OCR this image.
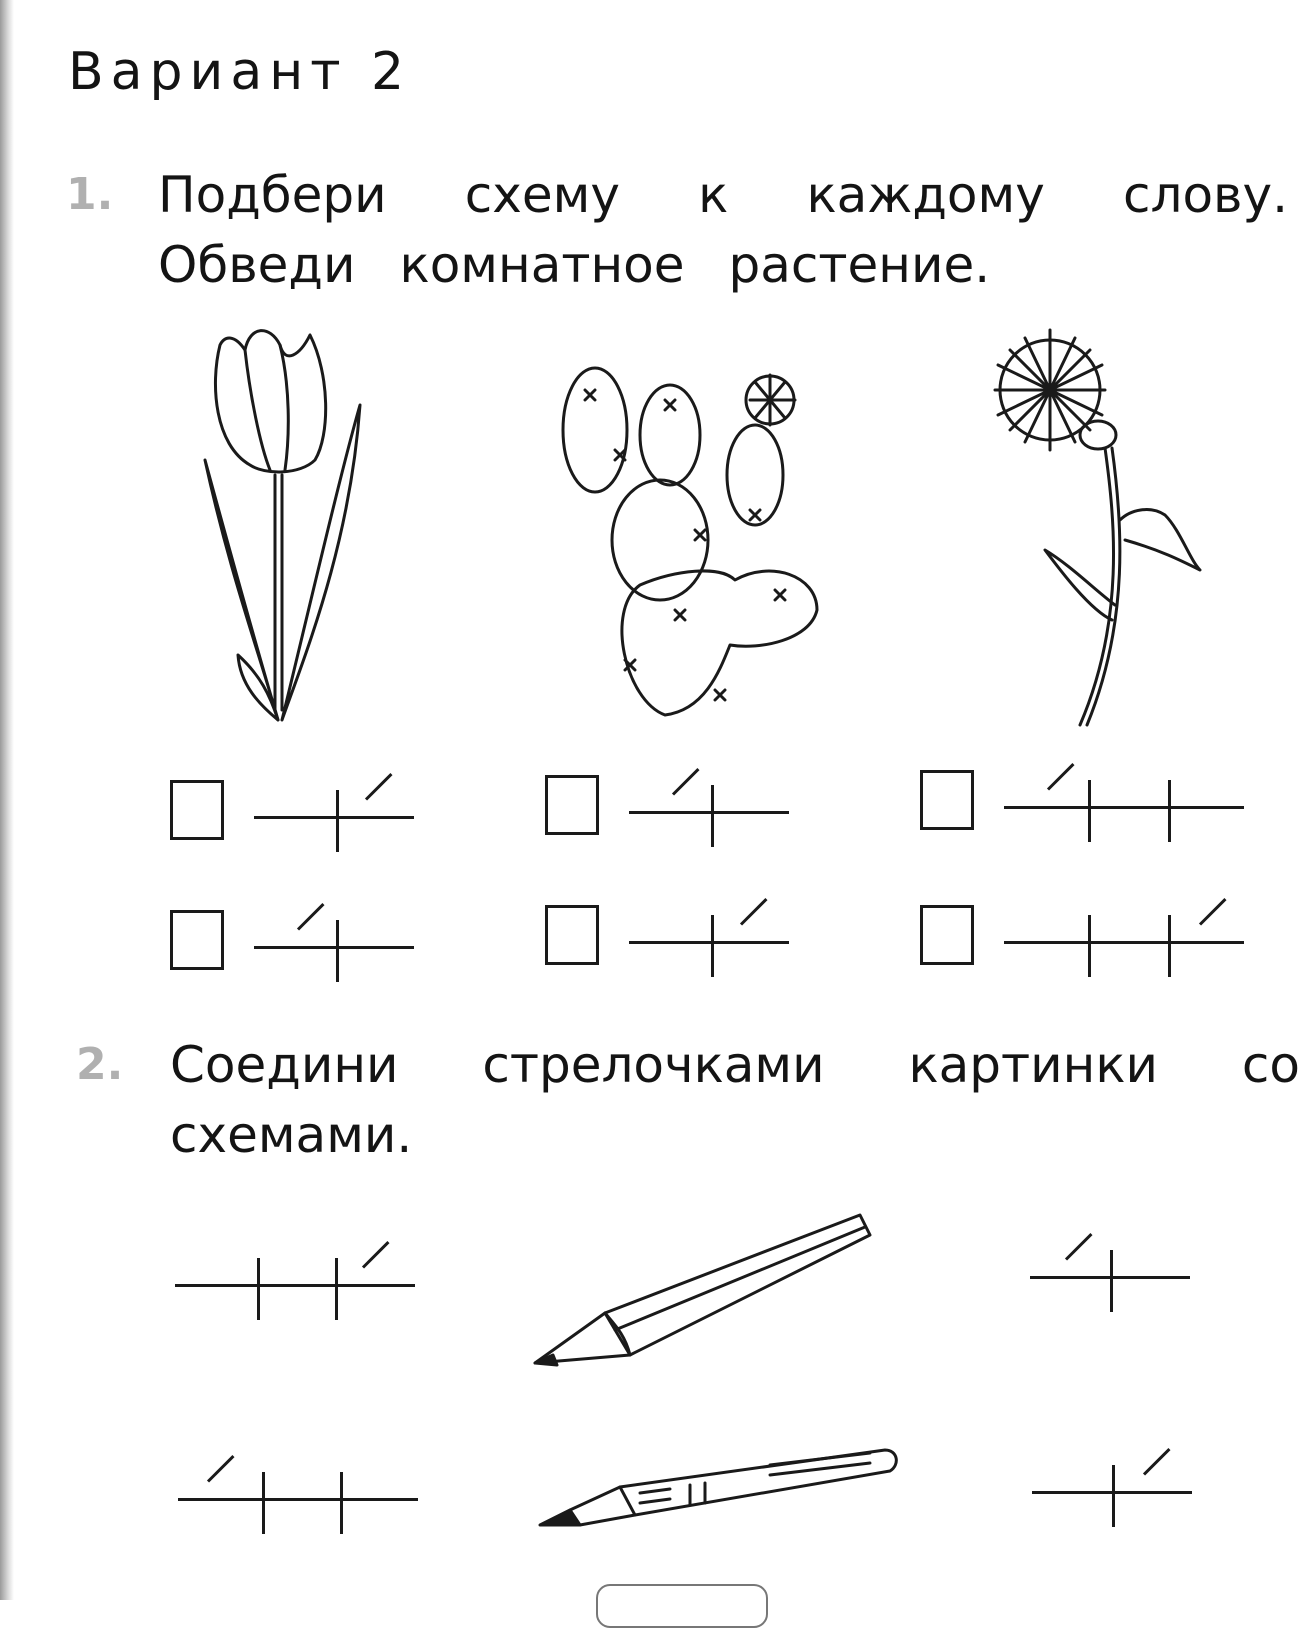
Вариант 2
1. Подбери схему к каждому слову.
Обведи комнатное растение.
2. Соедини стрелочками картинки со
схемами.
